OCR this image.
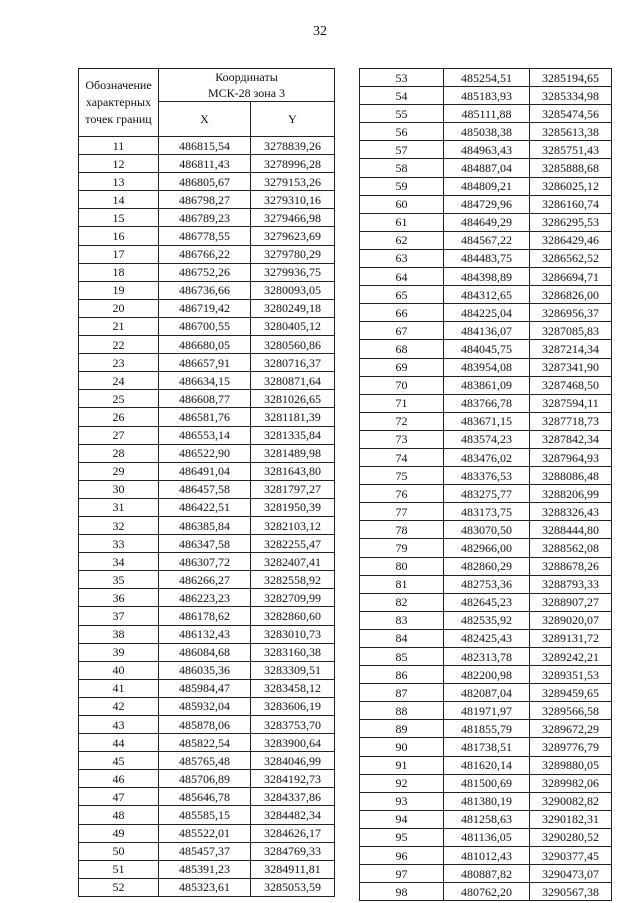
32
Обозначение характерных точек границ	Координаты
МСК-28 зона 3	
	X	Y
11	486815,54	3278839,26
12	486811,43	3278996,28
13	486805,67	3279153,26
14	486798,27	3279310,16
15	486789,23	3279466,98
16	486778,55	3279623,69
17	486766,22	3279780,29
18	486752,26	3279936,75
19	486736,66	3280093,05
20	486719,42	3280249,18
21	486700,55	3280405,12
22	486680,05	3280560,86
23	486657,91	3280716,37
24	486634,15	3280871,64
25	486608,77	3281026,65
26	486581,76	3281181,39
27	486553,14	3281335,84
28	486522,90	3281489,98
29	486491,04	3281643,80
30	486457,58	3281797,27
31	486422,51	3281950,39
32	486385,84	3282103,12
33	486347,58	3282255,47
34	486307,72	3282407,41
35	486266,27	3282558,92
36	486223,23	3282709,99
37	486178,62	3282860,60
38	486132,43	3283010,73
39	486084,68	3283160,38
40	486035,36	3283309,51
41	485984,47	3283458,12
42	485932,04	3283606,19
43	485878,06	3283753,70
44	485822,54	3283900,64
45	485765,48	3284046,99
46	485706,89	3284192,73
47	485646,78	3284337,86
48	485585,15	3284482,34
49	485522,01	3284626,17
50	485457,37	3284769,33
51	485391,23	3284911,81
52	485323,61	3285053,59
53	485254,51	3285194,65
54	485183,93	3285334,98
55	485111,88	3285474,56
56	485038,38	3285613,38
57	484963,43	3285751,43
58	484887,04	3285888,68
59	484809,21	3286025,12
60	484729,96	3286160,74
61	484649,29	3286295,53
62	484567,22	3286429,46
63	484483,75	3286562,52
64	484398,89	3286694,71
65	484312,65	3286826,00
66	484225,04	3286956,37
67	484136,07	3287085,83
68	484045,75	3287214,34
69	483954,08	3287341,90
70	483861,09	3287468,50
71	483766,78	3287594,11
72	483671,15	3287718,73
73	483574,23	3287842,34
74	483476,02	3287964,93
75	483376,53	3288086,48
76	483275,77	3288206,99
77	483173,75	3288326,43
78	483070,50	3288444,80
79	482966,00	3288562,08
80	482860,29	3288678,26
81	482753,36	3288793,33
82	482645,23	3288907,27
83	482535,92	3289020,07
84	482425,43	3289131,72
85	482313,78	3289242,21
86	482200,98	3289351,53
87	482087,04	3289459,65
88	481971,97	3289566,58
89	481855,79	3289672,29
90	481738,51	3289776,79
91	481620,14	3289880,05
92	481500,69	3289982,06
93	481380,19	3290082,82
94	481258,63	3290182,31
95	481136,05	3290280,52
96	481012,43	3290377,45
97	480887,82	3290473,07
98	480762,20	3290567,38
